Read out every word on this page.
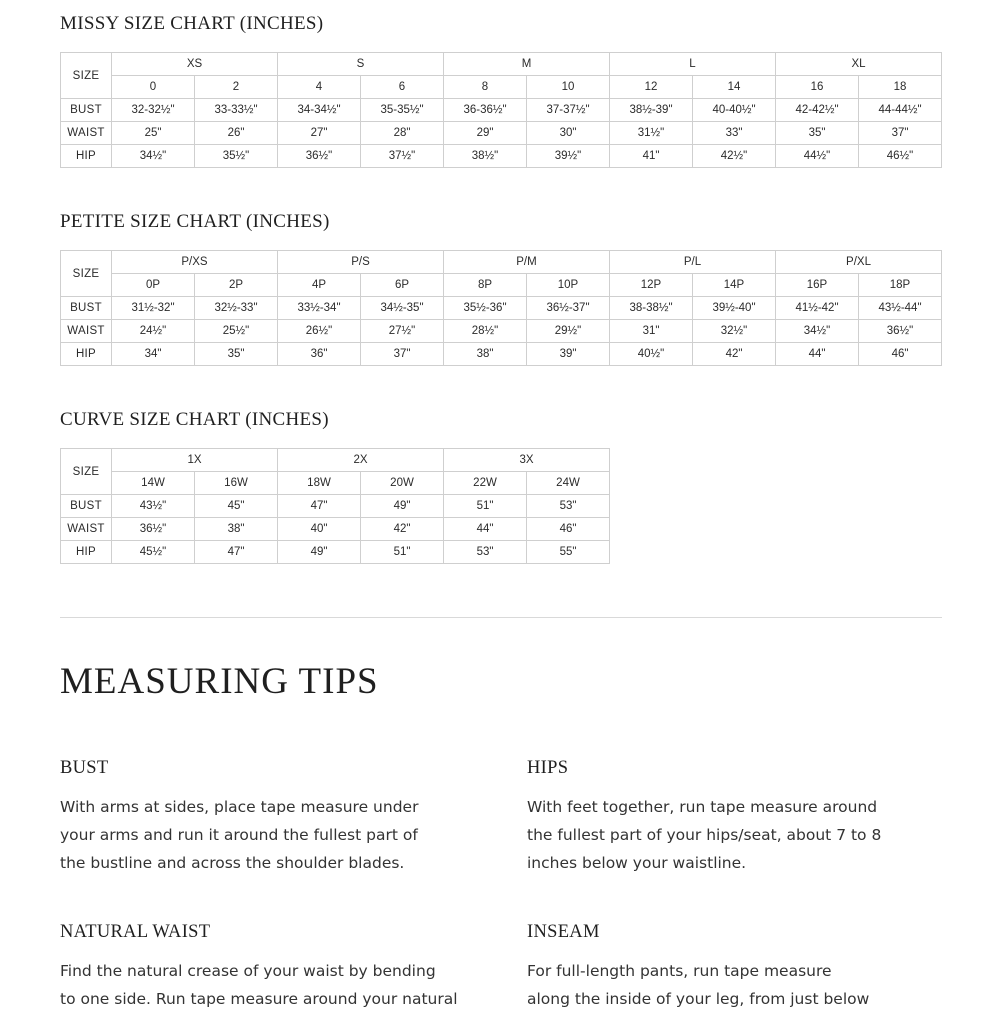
MISSY SIZE CHART (INCHES)
SIZE	XS		S		M		L		XL	
	0	2	4	6	8	10	12	14	16	18
BUST	32-32½"	33-33½"	34-34½"	35-35½"	36-36½"	37-37½"	38½-39"	40-40½"	42-42½"	44-44½"
WAIST	25"	26"	27"	28"	29"	30"	31½"	33"	35"	37"
HIP	34½"	35½"	36½"	37½"	38½"	39½"	41"	42½"	44½"	46½"
PETITE SIZE CHART (INCHES)
SIZE	P/XS		P/S		P/M		P/L		P/XL	
	0P	2P	4P	6P	8P	10P	12P	14P	16P	18P
BUST	31½-32"	32½-33"	33½-34"	34½-35"	35½-36"	36½-37"	38-38½"	39½-40"	41½-42"	43½-44"
WAIST	24½"	25½"	26½"	27½"	28½"	29½"	31"	32½"	34½"	36½"
HIP	34"	35"	36"	37"	38"	39"	40½"	42"	44"	46"
CURVE SIZE CHART (INCHES)
SIZE	1X		2X		3X	
	14W	16W	18W	20W	22W	24W
BUST	43½"	45"	47"	49"	51"	53"
WAIST	36½"	38"	40"	42"	44"	46"
HIP	45½"	47"	49"	51"	53"	55"
MEASURING TIPS
BUST

With arms at sides, place tape measure under
your arms and run it around the fullest part of
the bustline and across the shoulder blades.

HIPS

With feet together, run tape measure around
the fullest part of your hips/seat, about 7 to 8
inches below your waistline.

NATURAL WAIST

Find the natural crease of your waist by bending
to one side. Run tape measure around your natural

INSEAM

For full-length pants, run tape measure
along the inside of your leg, from just below
